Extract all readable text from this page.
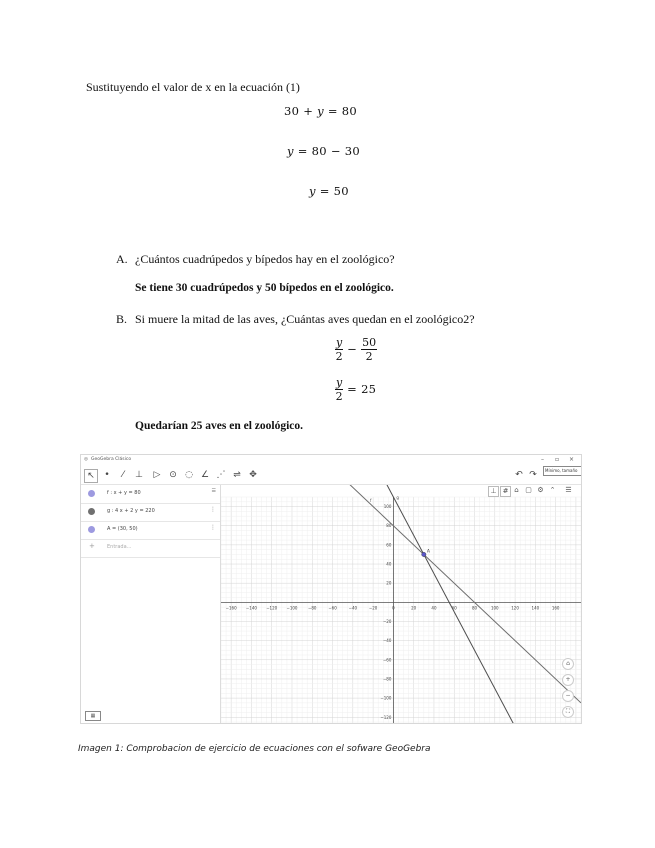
Sustituyendo el valor de x en la ecuación (1)
30 + y = 80
y = 80 − 30
y = 50
A. ¿Cuántos cuadrúpedos y bípedos hay en el zoológico?
Se tiene 30 cuadrúpedos y 50 bípedos en el zoológico.
B. Si muere la mitad de las aves, ¿Cuántas aves quedan en el zoológico2?
$\frac{y}{2} - \frac{50}{2}$
$\frac{y}{2} = 25$
Quedarían 25 aves en el zoológico.
◎ GeoGebra Clásico	– ▫ ×
↖	•	⁄	⊥ ▷ ⊙ ◌ ∠ ⋰ ⇌ ✥	↶ ↷	Mínimo, tamaño
f : x + y = 80	☰
g : 4 x + 2 y = 220	⋮
A = (30, 50)	⋮
+ Entrada...
▦
−160 −140 −120 −100	−80	−60	−40	−20	0	20	40	60	80	100	120	140	160
100
80
60
40
20
−20
−40
−60
−80
−100
−120
f
g
A
⊥ # ⌂ ▢ ⚙ ⌃ ☰
⌂
+
−
⛶
Imagen 1: Comprobacion de ejercicio de ecuaciones con el sofware GeoGebra
